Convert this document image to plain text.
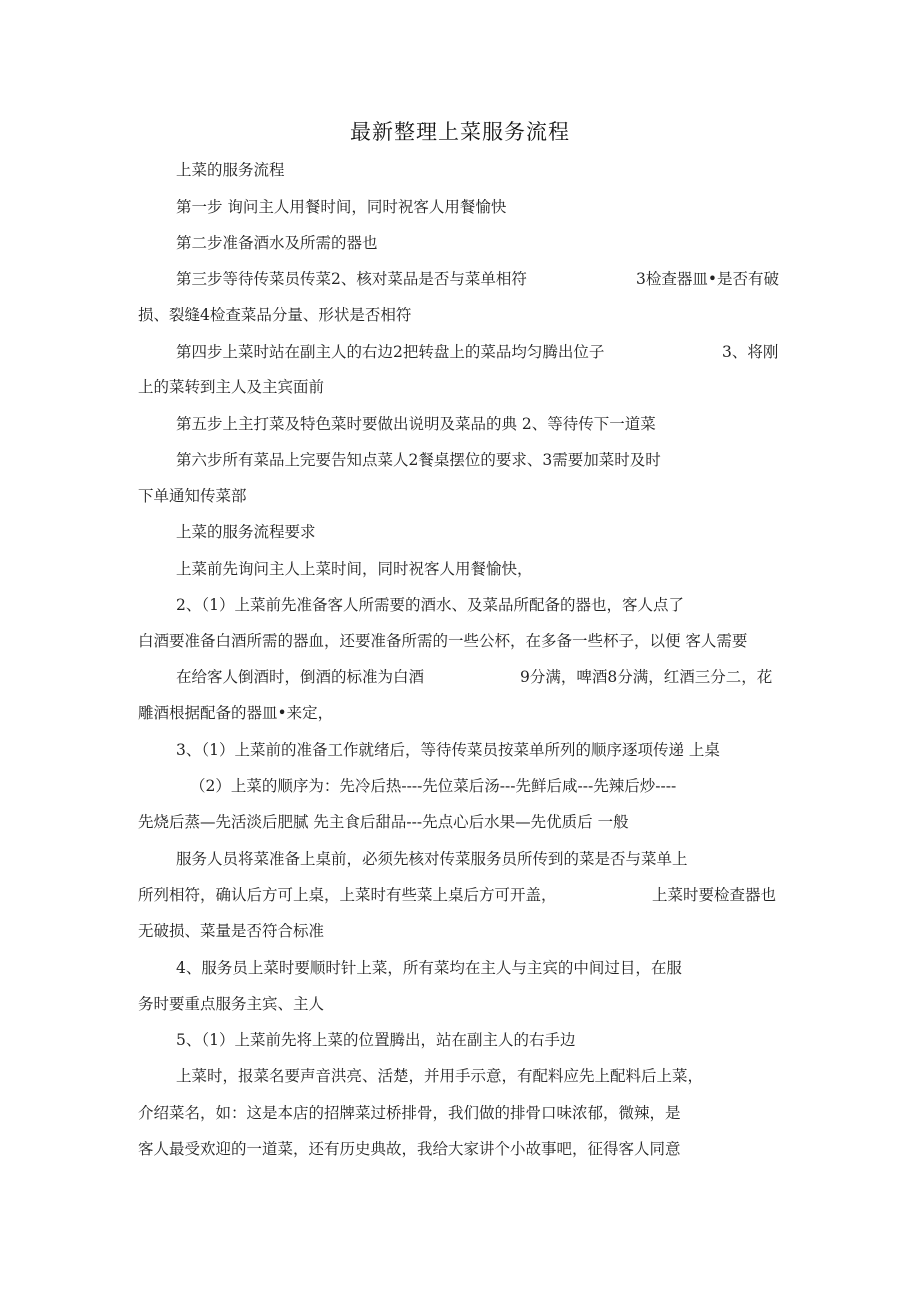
最新整理上菜服务流程
上菜的服务流程
第一步 询问主人用餐时间，同时祝客人用餐愉快
第二步准备酒水及所需的器也
第三步等待传菜员传菜2、核对菜品是否与菜单相符	3检查器皿•是否有破
损、裂缝4检查菜品分量、形状是否相符
第四步上菜时站在副主人的右边2把转盘上的菜品均匀腾出位子	3、将刚
上的菜转到主人及主宾面前
第五步上主打菜及特色菜时要做出说明及菜品的典 2、等待传下一道菜
第六步所有菜品上完要告知点菜人2餐桌摆位的要求、3需要加菜时及时
下单通知传菜部
上菜的服务流程要求
上菜前先询问主人上菜时间，同时祝客人用餐愉快，
2、（1）上菜前先准备客人所需要的酒水、及菜品所配备的器也，客人点了
白酒要准备白酒所需的器血，还要准备所需的一些公杯，在多备一些杯子，以便 客人需要
在给客人倒酒时，倒酒的标准为白酒	9分满，啤酒8分满，红酒三分二，花
雕酒根据配备的器皿•来定，
3、（1）上菜前的准备工作就绪后，等待传菜员按菜单所列的顺序逐项传递 上桌
（2）上菜的顺序为：先冷后热----先位菜后汤---先鲜后咸---先辣后炒----
先烧后蒸—先活淡后肥腻 先主食后甜品---先点心后水果—先优质后 一般
服务人员将菜准备上桌前，必须先核对传菜服务员所传到的菜是否与菜单上
所列相符，确认后方可上桌，上菜时有些菜上桌后方可开盖，	上菜时要检查器也
无破损、菜量是否符合标准
4、服务员上菜时要顺时针上菜，所有菜均在主人与主宾的中间过目，在服
务时要重点服务主宾、主人
5、（1）上菜前先将上菜的位置腾出，站在副主人的右手边
上菜时，报菜名要声音洪亮、活楚，并用手示意，有配料应先上配料后上菜，
介绍菜名，如：这是本店的招牌菜过桥排骨，我们做的排骨口味浓郁，微辣，是
客人最受欢迎的一道菜，还有历史典故，我给大家讲个小故事吧，征得客人同意
